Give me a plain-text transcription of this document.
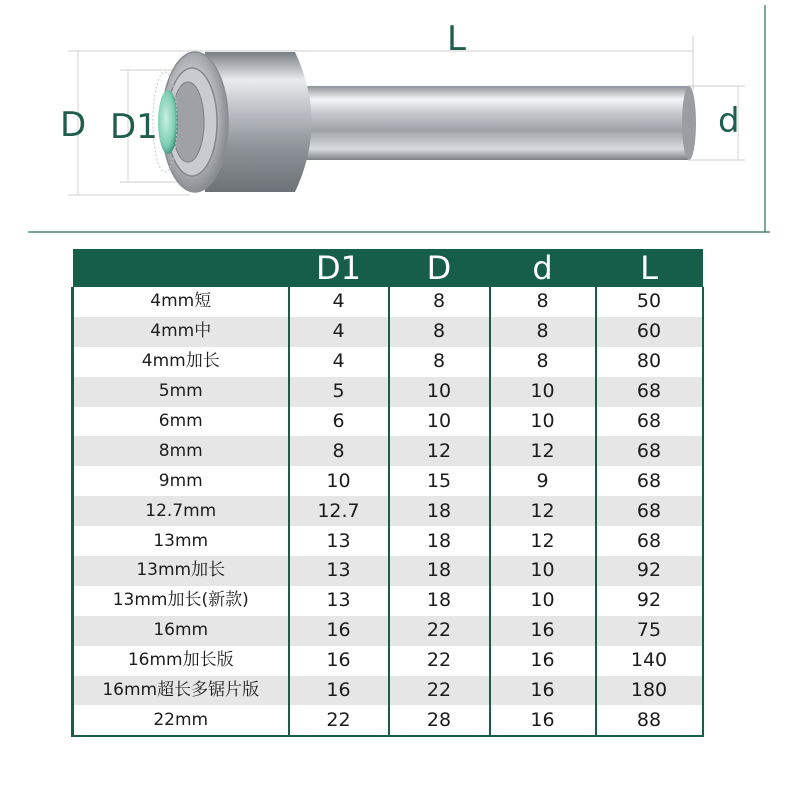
L
D D1	d
	D1	D	d	L
4mm短	4	8	8	50
4mm中	4	8	8	60
4mm加长	4	8	8	80
5mm	5	10	10	68
6mm	6	10	10	68
8mm	8	12	12	68
9mm	10	15	9	68
12.7mm	12.7	18	12	68
13mm	13	18	12	68
13mm加长	13	18	10	92
13mm加长(新款)	13	18	10	92
16mm	16	22	16	75
16mm加长版	16	22	16	140
16mm超长多锯片版	16	22	16	180
22mm	22	28	16	88
